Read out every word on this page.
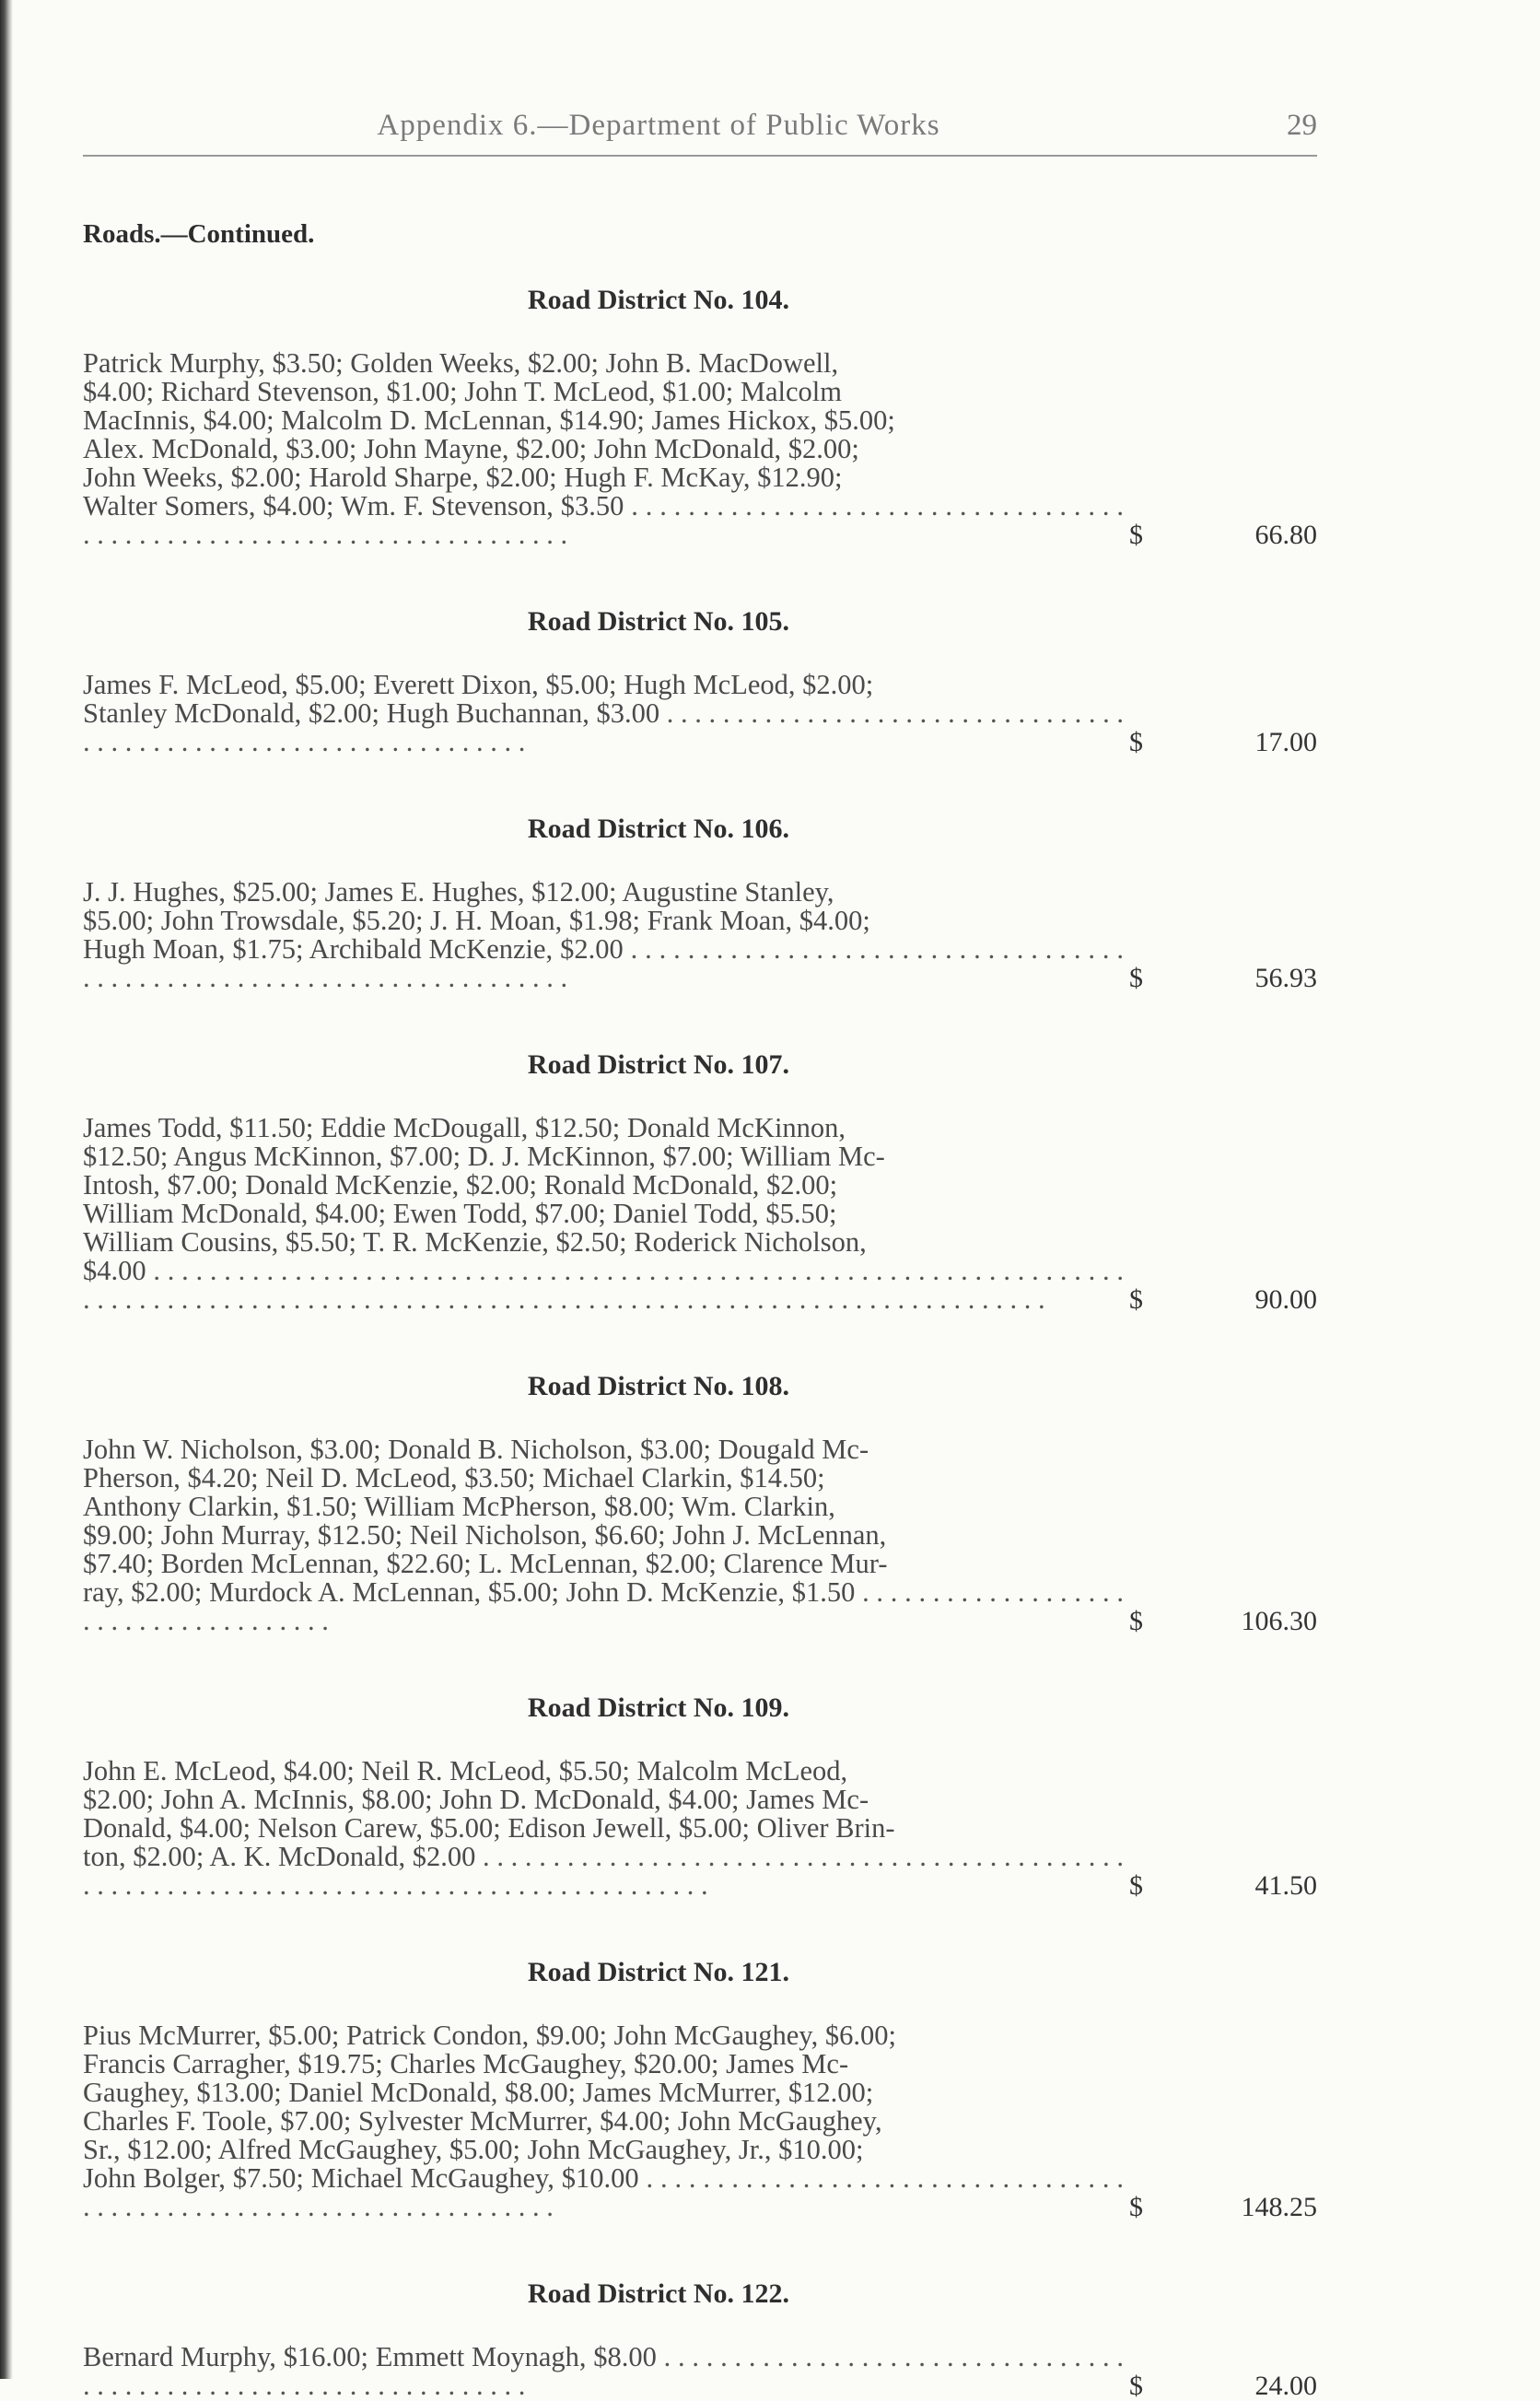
Appendix 6.—Department of Public Works	29
Roads.—Continued.
Road District No. 104.
Patrick Murphy, $3.50; Golden Weeks, $2.00; John B. MacDowell,
$4.00; Richard Stevenson, $1.00; John T. McLeod, $1.00; Malcolm
MacInnis, $4.00; Malcolm D. McLennan, $14.90; James Hickox, $5.00;
Alex. McDonald, $3.00; John Mayne, $2.00; John McDonald, $2.00;
John Weeks, $2.00; Harold Sharpe, $2.00; Hugh F. McKay, $12.90;
Walter Somers, $4.00; Wm. F. Stevenson, $3.50 . . . . . . . . . . . . . . . . . . . . . . . . . . . . . . . . . . . . . . . . . . . . . . . . . . . . . . . . . . . . . . . . . . . . . .	$	66.80
Road District No. 105.
James F. McLeod, $5.00; Everett Dixon, $5.00; Hugh McLeod, $2.00;
Stanley McDonald, $2.00; Hugh Buchannan, $3.00 . . . . . . . . . . . . . . . . . . . . . . . . . . . . . . . . . . . . . . . . . . . . . . . . . . . . . . . . . . . . . . . . .	$	17.00
Road District No. 106.
J. J. Hughes, $25.00; James E. Hughes, $12.00; Augustine Stanley,
$5.00; John Trowsdale, $5.20; J. H. Moan, $1.98; Frank Moan, $4.00;
Hugh Moan, $1.75; Archibald McKenzie, $2.00 . . . . . . . . . . . . . . . . . . . . . . . . . . . . . . . . . . . . . . . . . . . . . . . . . . . . . . . . . . . . . . . . . . . . . .	$	56.93
Road District No. 107.
James Todd, $11.50; Eddie McDougall, $12.50; Donald McKinnon,
$12.50; Angus McKinnon, $7.00; D. J. McKinnon, $7.00; William Mc-
Intosh, $7.00; Donald McKenzie, $2.00; Ronald McDonald, $2.00;
William McDonald, $4.00; Ewen Todd, $7.00; Daniel Todd, $5.50;
William Cousins, $5.50; T. R. McKenzie, $2.50; Roderick Nicholson,
$4.00 . . . . . . . . . . . . . . . . . . . . . . . . . . . . . . . . . . . . . . . . . . . . . . . . . . . . . . . . . . . . . . . . . . . . . . . . . . . . . . . . . . . . . . . . . . . . . . . . . . . . . . . . . . . . . . . . . . . . . . . . . . . . . . . . . . . . . . . . . .	$	90.00
Road District No. 108.
John W. Nicholson, $3.00; Donald B. Nicholson, $3.00; Dougald Mc-
Pherson, $4.20; Neil D. McLeod, $3.50; Michael Clarkin, $14.50;
Anthony Clarkin, $1.50; William McPherson, $8.00; Wm. Clarkin,
$9.00; John Murray, $12.50; Neil Nicholson, $6.60; John J. McLennan,
$7.40; Borden McLennan, $22.60; L. McLennan, $2.00; Clarence Mur-
ray, $2.00; Murdock A. McLennan, $5.00; John D. McKenzie, $1.50 . . . . . . . . . . . . . . . . . . . . . . . . . . . . . . . . . . . . .	$	106.30
Road District No. 109.
John E. McLeod, $4.00; Neil R. McLeod, $5.50; Malcolm McLeod,
$2.00; John A. McInnis, $8.00; John D. McDonald, $4.00; James Mc-
Donald, $4.00; Nelson Carew, $5.00; Edison Jewell, $5.00; Oliver Brin-
ton, $2.00; A. K. McDonald, $2.00 . . . . . . . . . . . . . . . . . . . . . . . . . . . . . . . . . . . . . . . . . . . . . . . . . . . . . . . . . . . . . . . . . . . . . . . . . . . . . . . . . . . . . . . . . . .	$	41.50
Road District No. 121.
Pius McMurrer, $5.00; Patrick Condon, $9.00; John McGaughey, $6.00;
Francis Carragher, $19.75; Charles McGaughey, $20.00; James Mc-
Gaughey, $13.00; Daniel McDonald, $8.00; James McMurrer, $12.00;
Charles F. Toole, $7.00; Sylvester McMurrer, $4.00; John McGaughey,
Sr., $12.00; Alfred McGaughey, $5.00; John McGaughey, Jr., $10.00;
John Bolger, $7.50; Michael McGaughey, $10.00 . . . . . . . . . . . . . . . . . . . . . . . . . . . . . . . . . . . . . . . . . . . . . . . . . . . . . . . . . . . . . . . . . . . .	$	148.25
Road District No. 122.
Bernard Murphy, $16.00; Emmett Moynagh, $8.00 . . . . . . . . . . . . . . . . . . . . . . . . . . . . . . . . . . . . . . . . . . . . . . . . . . . . . . . . . . . . . . . . .	$	24.00
